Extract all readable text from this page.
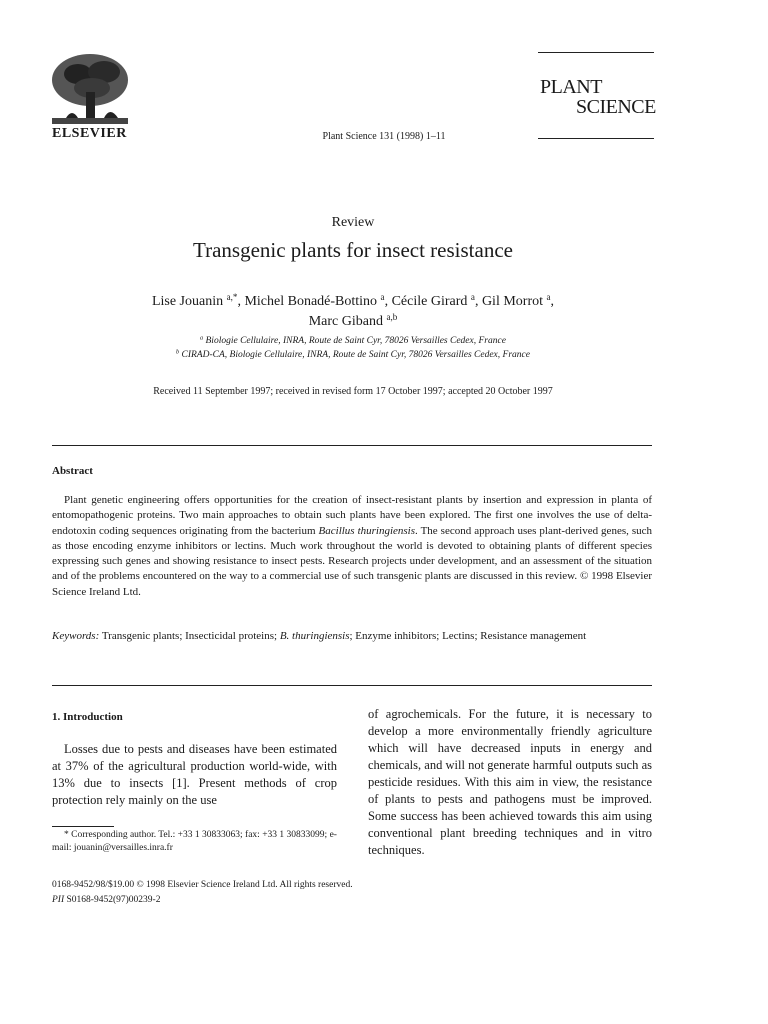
ELSEVIER	Plant Science 131 (1998) 1–11
PLANT
SCIENCE
Review
Transgenic plants for insect resistance
Lise Jouanin $^{a,*}$, Michel Bonadé-Bottino $^a$, Cécile Girard $^a$, Gil Morrot $^a$,
Marc Giband $^{a,b}$
$^a$ Biologie Cellulaire, INRA, Route de Saint Cyr, 78026 Versailles Cedex, France
$^b$ CIRAD-CA, Biologie Cellulaire, INRA, Route de Saint Cyr, 78026 Versailles Cedex, France
Received 11 September 1997; received in revised form 17 October 1997; accepted 20 October 1997
Abstract
Plant genetic engineering offers opportunities for the creation of insect-resistant plants by insertion and expression in planta of entomopathogenic proteins. Two main approaches to obtain such plants have been explored. The first one involves the use of delta-endotoxin coding sequences originating from the bacterium Bacillus thuringiensis. The second approach uses plant-derived genes, such as those encoding enzyme inhibitors or lectins. Much work throughout the world is devoted to obtaining plants of different species expressing such genes and showing resistance to insect pests. Research projects under development, and an assessment of the situation and of the problems encountered on the way to a commercial use of such transgenic plants are discussed in this review. © 1998 Elsevier Science Ireland Ltd.
Keywords: Transgenic plants; Insecticidal proteins; B. thuringiensis; Enzyme inhibitors; Lectins; Resistance management
1. Introduction
Losses due to pests and diseases have been estimated at 37% of the agricultural production world-wide, with 13% due to insects [1]. Present methods of crop protection rely mainly on the use
of agrochemicals. For the future, it is necessary to develop a more environmentally friendly agriculture which will have decreased inputs in energy and chemicals, and will not generate harmful outputs such as pesticide residues. With this aim in view, the resistance of plants to pests and pathogens must be improved. Some success has been achieved towards this aim using conventional plant breeding techniques and in vitro techniques.
* Corresponding author. Tel.: +33 1 30833063; fax: +33 1 30833099; e-mail: jouanin@versailles.inra.fr
0168-9452/98/$19.00 © 1998 Elsevier Science Ireland Ltd. All rights reserved.
PII S0168-9452(97)00239-2
